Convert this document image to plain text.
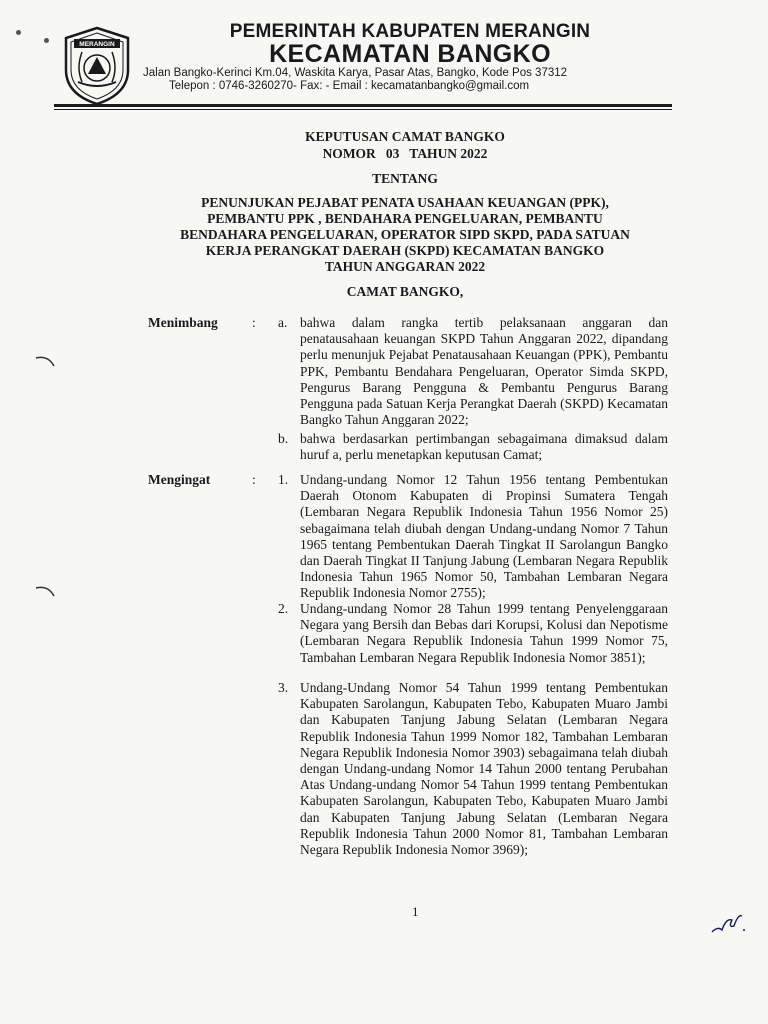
MERANGIN
PEMERINTAH KABUPATEN MERANGIN
KECAMATAN BANGKO
Jalan Bangko-Kerinci Km.04, Waskita Karya, Pasar Atas, Bangko, Kode Pos 37312
Telepon : 0746-3260270- Fax: - Email : kecamatanbangko@gmail.com
KEPUTUSAN CAMAT BANGKO
NOMOR   03   TAHUN 2022
TENTANG
PENUNJUKAN PEJABAT PENATA USAHAAN KEUANGAN (PPK),
PEMBANTU PPK , BENDAHARA PENGELUARAN, PEMBANTU
BENDAHARA PENGELUARAN, OPERATOR SIPD SKPD, PADA SATUAN
KERJA PERANGKAT DAERAH (SKPD) KECAMATAN BANGKO
TAHUN ANGGARAN 2022
CAMAT BANGKO,
Menimbang	: a. bahwa dalam rangka tertib pelaksanaan anggaran dan penatausahaan keuangan SKPD Tahun Anggaran 2022, dipandang perlu menunjuk Pejabat Penatausahaan Keuangan (PPK), Pembantu PPK, Pembantu Bendahara Pengeluaran, Operator Simda SKPD, Pengurus Barang Pengguna & Pembantu Pengurus Barang Pengguna pada Satuan Kerja Perangkat Daerah (SKPD) Kecamatan Bangko Tahun Anggaran 2022;
b. bahwa berdasarkan pertimbangan sebagaimana dimaksud dalam huruf a, perlu menetapkan keputusan Camat;
Mengingat	: 1. Undang-undang Nomor 12 Tahun 1956 tentang Pembentukan Daerah Otonom Kabupaten di Propinsi Sumatera Tengah (Lembaran Negara Republik Indonesia Tahun 1956 Nomor 25) sebagaimana telah diubah dengan Undang-undang Nomor 7 Tahun 1965 tentang Pembentukan Daerah Tingkat II Sarolangun Bangko dan Daerah Tingkat II Tanjung Jabung (Lembaran Negara Republik Indonesia Tahun 1965 Nomor 50, Tambahan Lembaran Negara Republik Indonesia Nomor 2755);
2. Undang-undang Nomor 28 Tahun 1999 tentang Penyelenggaraan Negara yang Bersih dan Bebas dari Korupsi, Kolusi dan Nepotisme (Lembaran Negara Republik Indonesia Tahun 1999 Nomor 75, Tambahan Lembaran Negara Republik Indonesia Nomor 3851);
3. Undang-Undang Nomor 54 Tahun 1999 tentang Pembentukan Kabupaten Sarolangun, Kabupaten Tebo, Kabupaten Muaro Jambi dan Kabupaten Tanjung Jabung Selatan (Lembaran Negara Republik Indonesia Tahun 1999 Nomor 182, Tambahan Lembaran Negara Republik Indonesia Nomor 3903) sebagaimana telah diubah dengan Undang-undang Nomor 14 Tahun 2000 tentang Perubahan Atas Undang-undang Nomor 54 Tahun 1999 tentang Pembentukan Kabupaten Sarolangun, Kabupaten Tebo, Kabupaten Muaro Jambi dan Kabupaten Tanjung Jabung Selatan (Lembaran Negara Republik Indonesia Tahun 2000 Nomor 81, Tambahan Lembaran Negara Republik Indonesia Nomor 3969);
1
